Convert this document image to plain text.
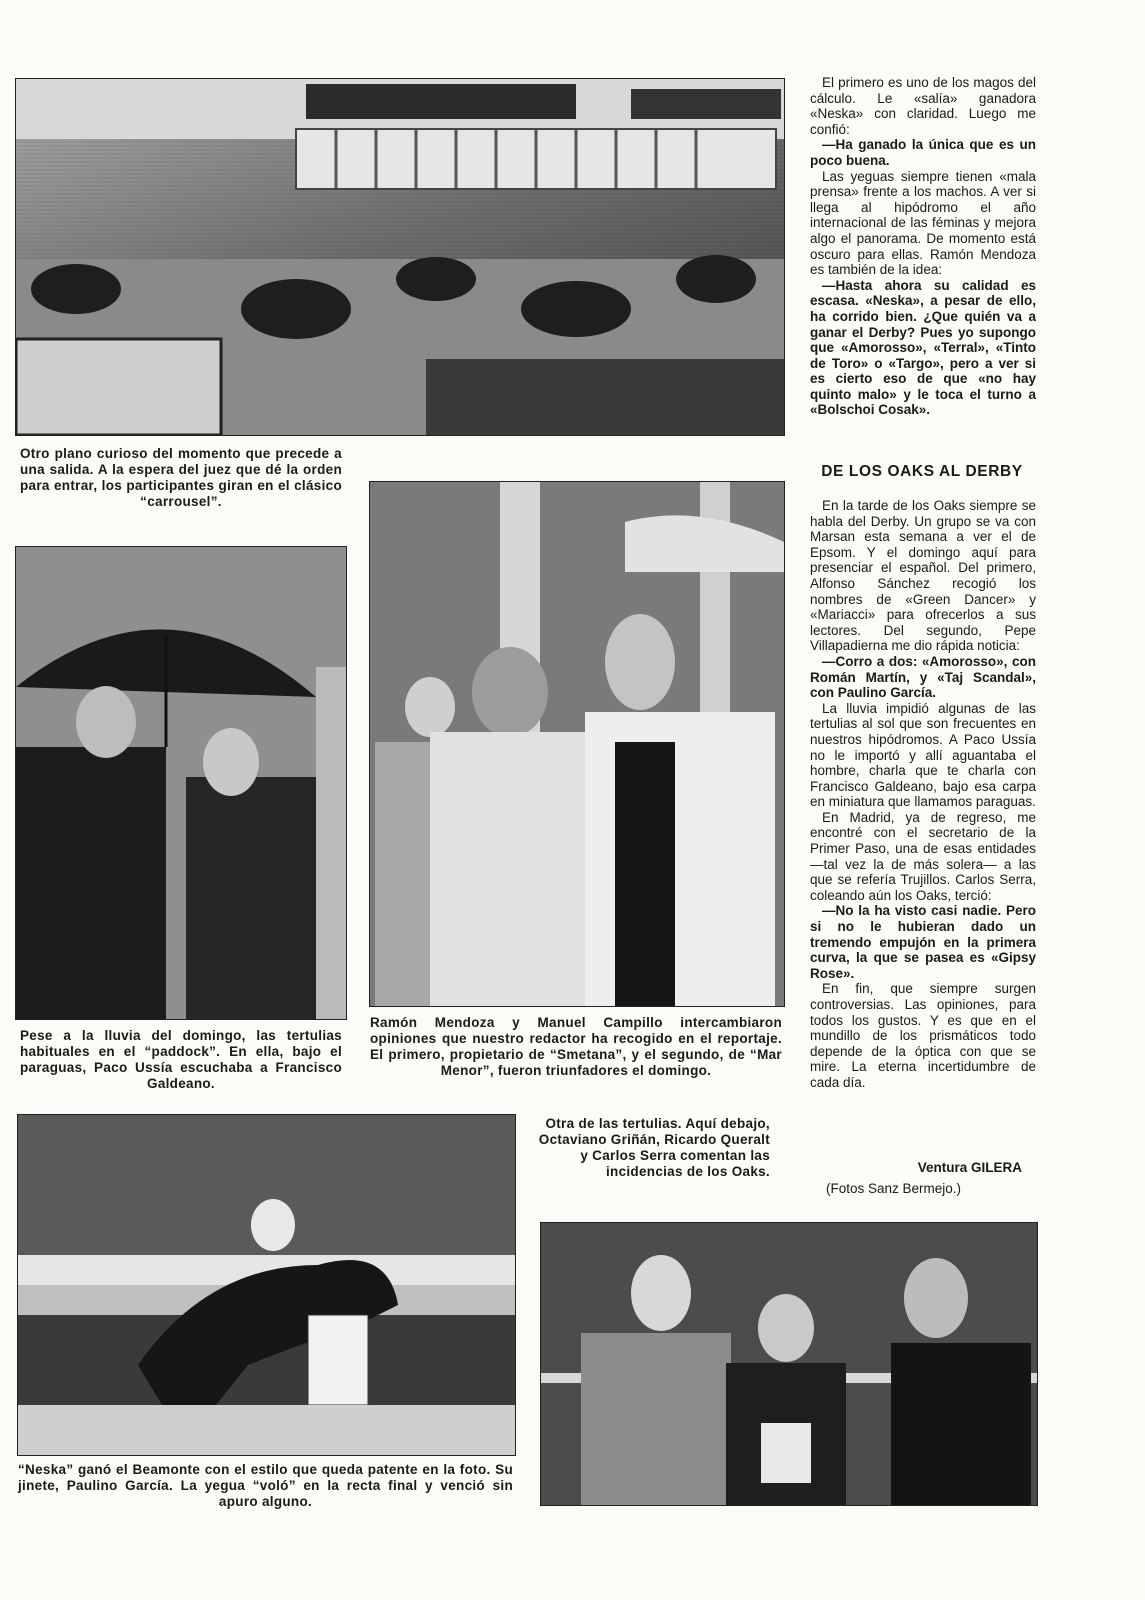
Otro plano curioso del momento que precede a una salida. A la espera del juez que dé la orden para entrar, los participantes giran en el clásico “carrousel”.

Pese a la lluvia del domingo, las tertulias habituales en el “paddock”. En ella, bajo el paraguas, Paco Ussía escuchaba a Francisco Galdeano.

Ramón Mendoza y Manuel Campillo intercambiaron opiniones que nuestro redactor ha recogido en el reportaje. El primero, propietario de “Smetana”, y el segundo, de “Mar Menor”, fueron triunfadores el domingo.

“Neska” ganó el Beamonte con el estilo que queda patente en la foto. Su jinete, Paulino García. La yegua “voló” en la recta final y venció sin apuro alguno.

Otra de las tertulias. Aquí debajo, Octaviano Griñán, Ricardo Queralt y Carlos Serra comentan las incidencias de los Oaks.

El primero es uno de los magos del cálculo. Le «salía» ganadora «Neska» con claridad. Luego me confió:

—Ha ganado la única que es un poco buena.

Las yeguas siempre tienen «mala prensa» frente a los machos. A ver si llega al hipódromo el año internacional de las féminas y mejora algo el panorama. De momento está oscuro para ellas. Ramón Mendoza es también de la idea:

—Hasta ahora su calidad es escasa. «Neska», a pesar de ello, ha corrido bien. ¿Que quién va a ganar el Derby? Pues yo supongo que «Amorosso», «Terral», «Tinto de Toro» o «Targo», pero a ver si es cierto eso de que «no hay quinto malo» y le toca el turno a «Bolschoi Cosak».

DE LOS OAKS AL DERBY

En la tarde de los Oaks siempre se habla del Derby. Un grupo se va con Marsan esta semana a ver el de Epsom. Y el domingo aquí para presenciar el español. Del primero, Alfonso Sánchez recogió los nombres de «Green Dancer» y «Mariacci» para ofrecerlos a sus lectores. Del segundo, Pepe Villapadierna me dio rápida noticia:

—Corro a dos: «Amorosso», con Román Martín, y «Taj Scandal», con Paulino García.

La lluvia impidió algunas de las tertulias al sol que son frecuentes en nuestros hipódromos. A Paco Ussía no le importó y allí aguantaba el hombre, charla que te charla con Francisco Galdeano, bajo esa carpa en miniatura que llamamos paraguas.

En Madrid, ya de regreso, me encontré con el secretario de la Primer Paso, una de esas entidades —tal vez la de más solera— a las que se refería Trujillos. Carlos Serra, coleando aún los Oaks, terció:

—No la ha visto casi nadie. Pero si no le hubieran dado un tremendo empujón en la primera curva, la que se pasea es «Gipsy Rose».

En fin, que siempre surgen controversias. Las opiniones, para todos los gustos. Y es que en el mundillo de los prismáticos todo depende de la óptica con que se mire. La eterna incertidumbre de cada día.

Ventura GILERA

(Fotos Sanz Bermejo.)
